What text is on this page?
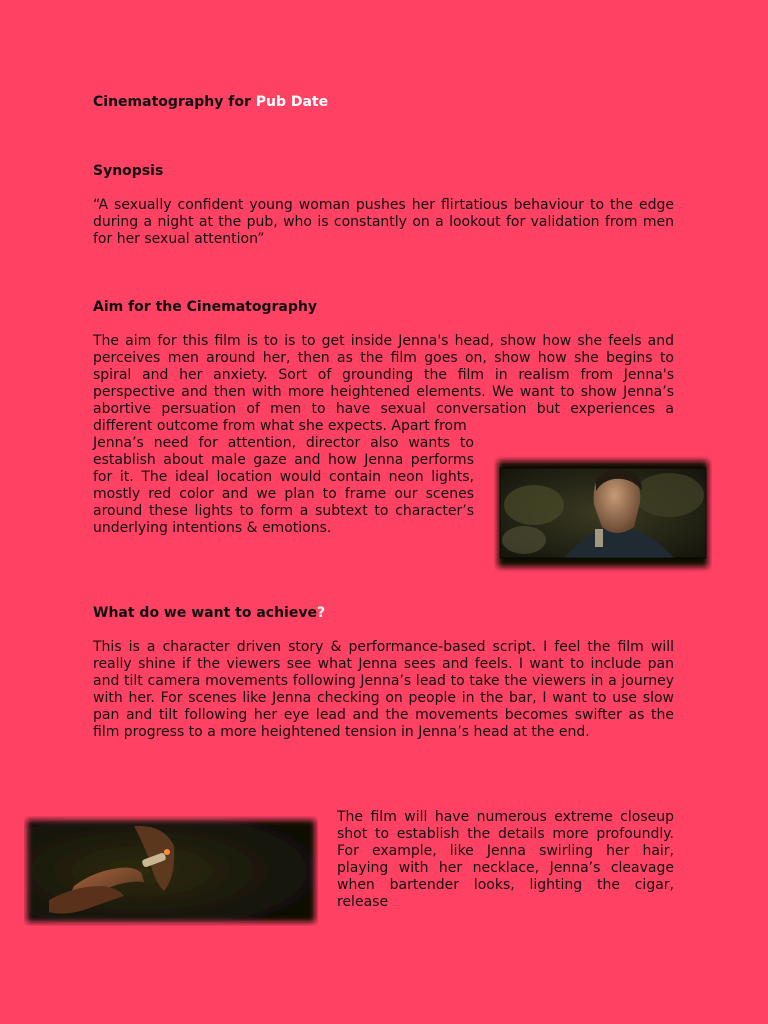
Cinematography for Pub Date
Synopsis

“A sexually confident young woman pushes her flirtatious behaviour to the edge during a night at the pub, who is constantly on a lookout for validation from men for her sexual attention”

Aim for the Cinematography

The aim for this film is to is to get inside Jenna's head, show how she feels and perceives men around her, then as the film goes on, show how she begins to spiral and her anxiety. Sort of grounding the film in realism from Jenna's perspective and then with more heightened elements. We want to show Jenna’s abortive persuation of men to have sexual conversation but experiences a different outcome from what she expects. Apart from

Jenna’s need for attention, director also wants to establish about male gaze and how Jenna performs for it. The ideal location would contain neon lights, mostly red color and we plan to frame our scenes around these lights to form a subtext to character’s underlying intentions & emotions.

What do we want to achieve?

This is a character driven story & performance-based script. I feel the film will really shine if the viewers see what Jenna sees and feels. I want to include pan and tilt camera movements following Jenna’s lead to take the viewers in a journey with her. For scenes like Jenna checking on people in the bar, I want to use slow pan and tilt following her eye lead and the movements becomes swifter as the film progress to a more heightened tension in Jenna’s head at the end.

The film will have numerous extreme closeup shot to establish the details more profoundly. For example, like Jenna swirling her hair, playing with her necklace, Jenna’s cleavage when bartender looks, lighting the cigar, release
